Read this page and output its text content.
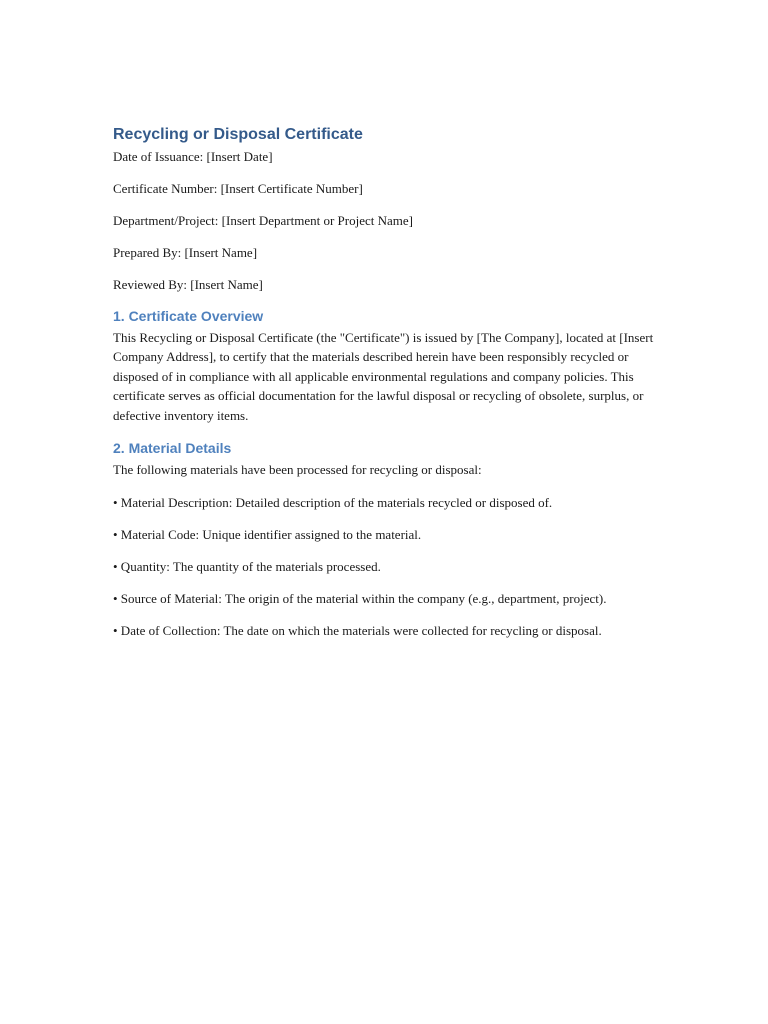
Recycling or Disposal Certificate
Date of Issuance: [Insert Date]
Certificate Number: [Insert Certificate Number]
Department/Project: [Insert Department or Project Name]
Prepared By: [Insert Name]
Reviewed By: [Insert Name]
1. Certificate Overview
This Recycling or Disposal Certificate (the "Certificate") is issued by [The Company], located at [Insert Company Address], to certify that the materials described herein have been responsibly recycled or disposed of in compliance with all applicable environmental regulations and company policies. This certificate serves as official documentation for the lawful disposal or recycling of obsolete, surplus, or defective inventory items.
2. Material Details
The following materials have been processed for recycling or disposal:
• Material Description: Detailed description of the materials recycled or disposed of.
• Material Code: Unique identifier assigned to the material.
• Quantity: The quantity of the materials processed.
• Source of Material: The origin of the material within the company (e.g., department, project).
• Date of Collection: The date on which the materials were collected for recycling or disposal.
